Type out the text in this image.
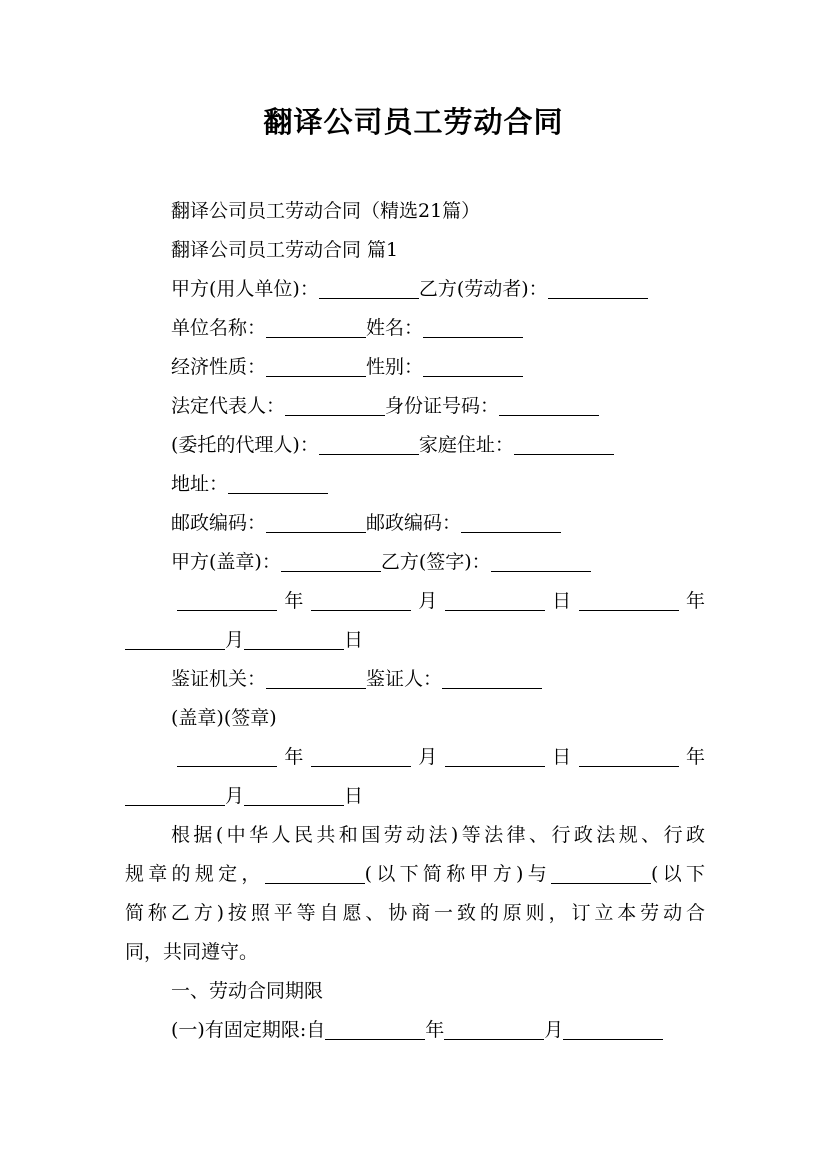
翻译公司员工劳动合同
翻译公司员工劳动合同（精选21篇）
翻译公司员工劳动合同 篇1
甲方(用人单位)：	乙方(劳动者)：
单位名称：	姓名：
经济性质：	性别：
法定代表人：	身份证号码：
(委托的代理人)：	家庭住址：
地址：
邮政编码：	邮政编码：
甲方(盖章)：	乙方(签字)：
年	月	日	年
月	日
鉴证机关：	鉴证人：
(盖章)(签章)
年	月	日	年
月	日
根据(中华人民共和国劳动法)等法律、行政法规、行政
规章的规定，	(以下简称甲方)与	(以下
简称乙方)按照平等自愿、协商一致的原则，订立本劳动合
同，共同遵守。
一、劳动合同期限
(一)有固定期限:自	年	月
